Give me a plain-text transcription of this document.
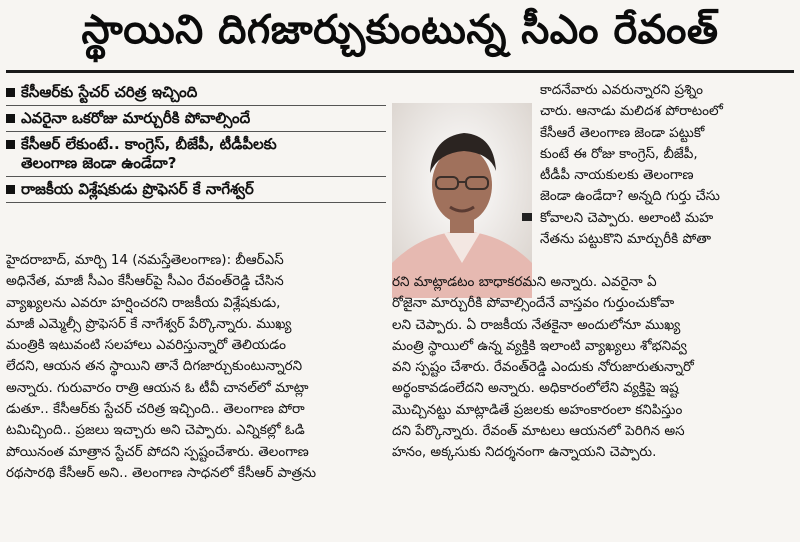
స్థాయిని దిగజార్చుకుంటున్న సీఎం రేవంత్
కేసీఆర్‌కు స్టేచర్ చరిత్ర ఇచ్చింది
ఎవరైనా ఒకరోజు మార్చురీకి పోవాల్సిందే
కేసీఆర్ లేకుంటే.. కాంగ్రెస్, బీజేపీ, టీడీపీలకు
తెలంగాణ జెండా ఉండేదా?
రాజకీయ విశ్లేషకుడు ప్రొఫెసర్ కే నాగేశ్వర్
హైదరాబాద్, మార్చి 14 (నమస్తేతెలంగాణ): బీఆర్ఎస్
అధినేత, మాజీ సీఎం కేసీఆర్‌పై సీఎం రేవంత్‌రెడ్డి చేసిన
వ్యాఖ్యలను ఎవరూ హర్షించరని రాజకీయ విశ్లేషకుడు,
మాజీ ఎమ్మెల్సీ ప్రొఫెసర్ కే నాగేశ్వర్ పేర్కొన్నారు. ముఖ్య
మంత్రికి ఇటువంటి సలహాలు ఎవరిస్తున్నారో తెలియడం
లేదని, ఆయన తన స్థాయిని తానే దిగజార్చుకుంటున్నారని
అన్నారు. గురువారం రాత్రి ఆయన ఓ టీవీ చానల్‌లో మాట్లా
డుతూ.. కేసీఆర్‌కు స్టేచర్ చరిత్ర ఇచ్చింది.. తెలంగాణ పోరా
టమిచ్చింది.. ప్రజలు ఇచ్చారు అని చెప్పారు. ఎన్నికల్లో ఓడి
పోయినంత మాత్రాన స్టేచర్ పోదని స్పష్టంచేశారు. తెలంగాణ
రథసారథి కేసీఆర్ అని.. తెలంగాణ సాధనలో కేసీఆర్ పాత్రను
కాదనేవారు ఎవరున్నారని ప్రశ్నిం
చారు. ఆనాడు మలిదశ పోరాటంలో
కేసీఆరే తెలంగాణ జెండా పట్టుకో
కుంటే ఈ రోజు కాంగ్రెస్, బీజేపీ,
టీడీపీ నాయకులకు తెలంగాణ
జెండా ఉండేదా? అన్నది గుర్తు చేసు
కోవాలని చెప్పారు. అలాంటి మహ
నేతను పట్టుకొని మార్చురీకి పోతా
రని మాట్లాడటం బాధాకరమని అన్నారు. ఎవరైనా ఏ
రోజైనా మార్చురీకి పోవాల్సిందేనే వాస్తవం గుర్తుంచుకోవా
లని చెప్పారు. ఏ రాజకీయ నేతకైనా అందులోనూ ముఖ్య
మంత్రి స్థాయిలో ఉన్న వ్యక్తికి ఇలాంటి వ్యాఖ్యలు శోభనివ్వ
వని స్పష్టం చేశారు. రేవంత్‌రెడ్డి ఎందుకు నోరుజారుతున్నారో
అర్థంకావడంలేదని అన్నారు. అధికారంలోలేని వ్యక్తిపై ఇష్ట
మొచ్చినట్టు మాట్లాడితే ప్రజలకు అహంకారంలా కనిపిస్తుం
దని పేర్కొన్నారు. రేవంత్ మాటలు ఆయనలో పెరిగిన అస
హనం, అక్కసుకు నిదర్శనంగా ఉన్నాయని చెప్పారు.
